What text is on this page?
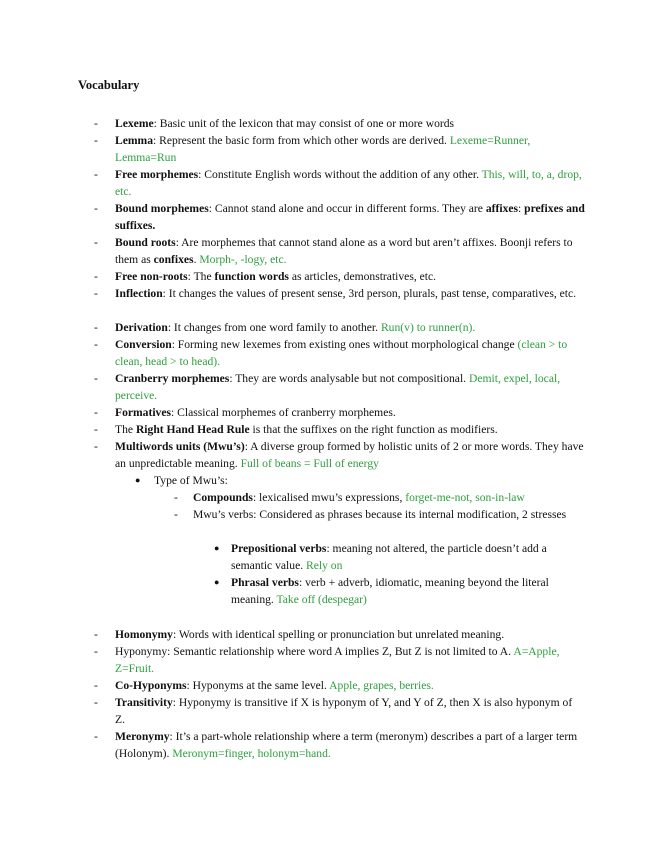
Vocabulary
- Lexeme: Basic unit of the lexicon that may consist of one or more words
- Lemma: Represent the basic form from which other words are derived. Lexeme=Runner, Lemma=Run
- Free morphemes: Constitute English words without the addition of any other. This, will, to, a, drop, etc.
- Bound morphemes: Cannot stand alone and occur in different forms. They are affixes: prefixes and suffixes.
- Bound roots: Are morphemes that cannot stand alone as a word but aren’t affixes. Boonji refers to them as confixes. Morph-, -logy, etc.
- Free non-roots: The function words as articles, demonstratives, etc.
- Inflection: It changes the values of present sense, 3rd person, plurals, past tense, comparatives, etc.
- Derivation: It changes from one word family to another. Run(v) to runner(n).
- Conversion: Forming new lexemes from existing ones without morphological change (clean > to clean, head > to head).
- Cranberry morphemes: They are words analysable but not compositional. Demit, expel, local, perceive.
- Formatives: Classical morphemes of cranberry morphemes.
- The Right Hand Head Rule is that the suffixes on the right function as modifiers.
- Multiwords units (Mwu’s): A diverse group formed by holistic units of 2 or more words. They have an unpredictable meaning. Full of beans = Full of energy
● Type of Mwu’s:
- Compounds: lexicalised mwu’s expressions, forget-me-not, son-in-law
- Mwu’s verbs: Considered as phrases because its internal modification, 2 stresses
● Prepositional verbs: meaning not altered, the particle doesn’t add a semantic value. Rely on
● Phrasal verbs: verb + adverb, idiomatic, meaning beyond the literal meaning. Take off (despegar)
- Homonymy: Words with identical spelling or pronunciation but unrelated meaning.
- Hyponymy: Semantic relationship where word A implies Z, But Z is not limited to A. A=Apple, Z=Fruit.
- Co-Hyponyms: Hyponyms at the same level. Apple, grapes, berries.
- Transitivity: Hyponymy is transitive if X is hyponym of Y, and Y of Z, then X is also hyponym of Z.
- Meronymy: It’s a part-whole relationship where a term (meronym) describes a part of a larger term (Holonym). Meronym=finger, holonym=hand.
